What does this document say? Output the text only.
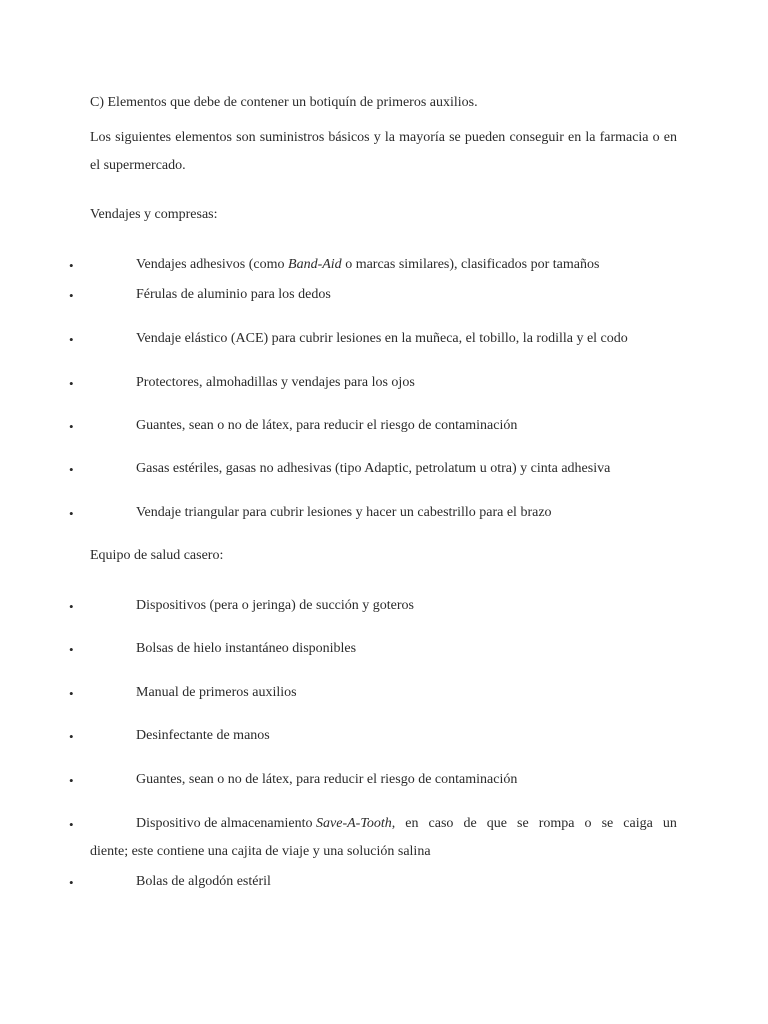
C) Elementos que debe de contener un botiquín de primeros auxilios.
Los siguientes elementos son suministros básicos y la mayoría se pueden conseguir en la farmacia o en el supermercado.
Vendajes y compresas:
•	Vendajes adhesivos (como Band-Aid o marcas similares), clasificados por tamaños
•	Férulas de aluminio para los dedos
•	Vendaje elástico (ACE) para cubrir lesiones en la muñeca, el tobillo, la rodilla y el codo
•	Protectores, almohadillas y vendajes para los ojos
•	Guantes, sean o no de látex, para reducir el riesgo de contaminación
•	Gasas estériles, gasas no adhesivas (tipo Adaptic, petrolatum u otra) y cinta adhesiva
•	Vendaje triangular para cubrir lesiones y hacer un cabestrillo para el brazo
Equipo de salud casero:
•	Dispositivos (pera o jeringa) de succión y goteros
•	Bolsas de hielo instantáneo disponibles
•	Manual de primeros auxilios
•	Desinfectante de manos
•	Guantes, sean o no de látex, para reducir el riesgo de contaminación
•	Dispositivo de almacenamiento Save-A-Tooth, en caso de que se rompa o se caiga un
diente; este contiene una cajita de viaje y una solución salina
•	Bolas de algodón estéril
